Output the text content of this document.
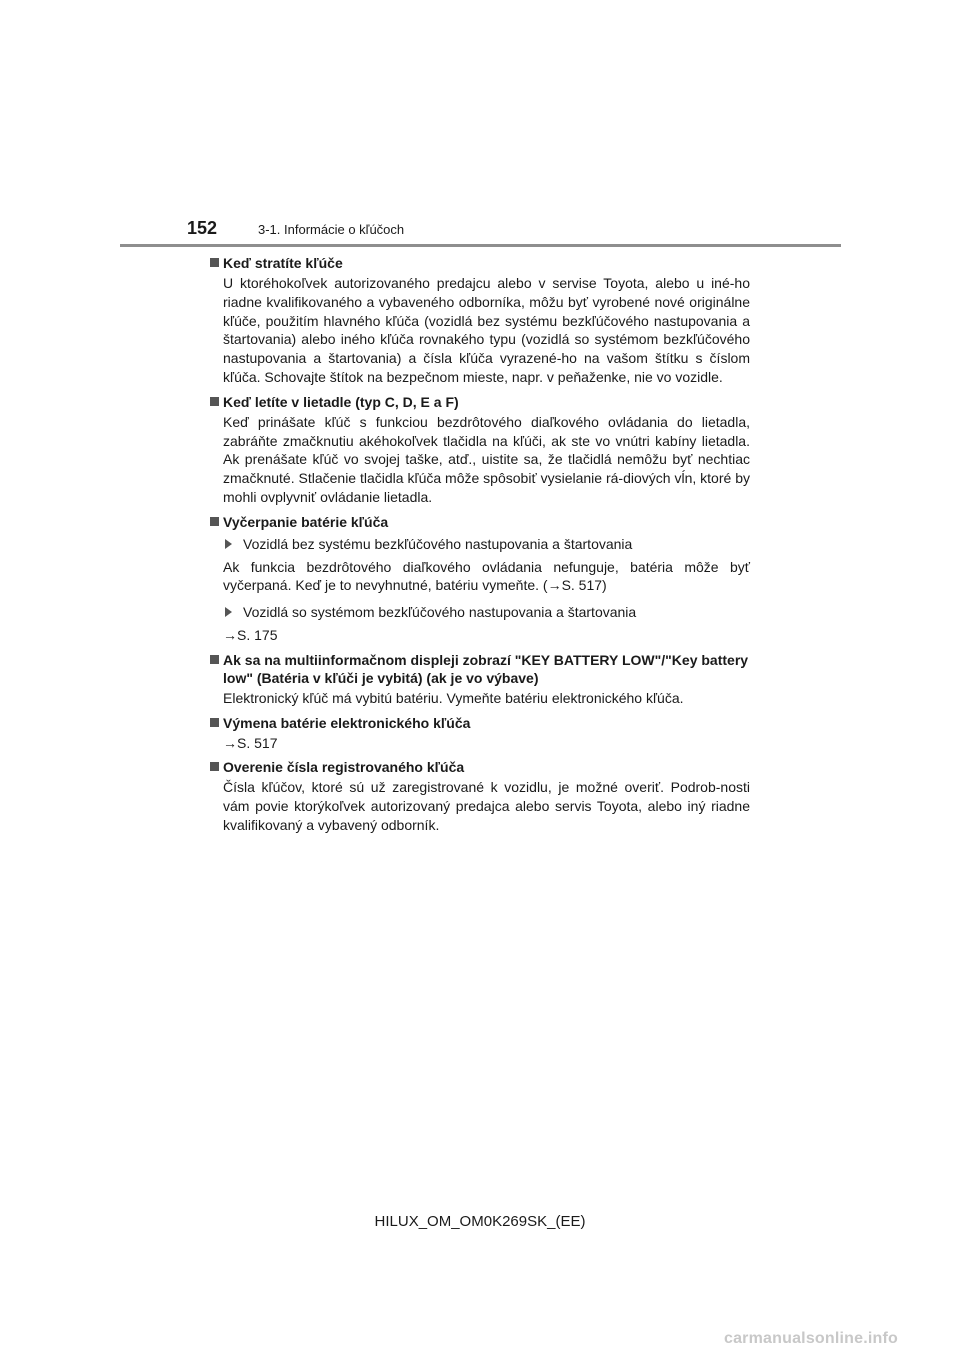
152	3-1. Informácie o kľúčoch
Keď stratíte kľúče
U ktoréhokoľvek autorizovaného predajcu alebo v servise Toyota, alebo u iné-ho riadne kvalifikovaného a vybaveného odborníka, môžu byť vyrobené nové originálne kľúče, použitím hlavného kľúča (vozidlá bez systému bezkľúčového nastupovania a štartovania) alebo iného kľúča rovnakého typu (vozidlá so systémom bezkľúčového nastupovania a štartovania) a čísla kľúča vyrazené-ho na vašom štítku s číslom kľúča. Schovajte štítok na bezpečnom mieste, napr. v peňaženke, nie vo vozidle.
Keď letíte v lietadle (typ C, D, E a F)
Keď prinášate kľúč s funkciou bezdrôtového diaľkového ovládania do lietadla, zabráňte zmačknutiu akéhokoľvek tlačidla na kľúči, ak ste vo vnútri kabíny lietadla. Ak prenášate kľúč vo svojej taške, atď., uistite sa, že tlačidlá nemôžu byť nechtiac zmačknuté. Stlačenie tlačidla kľúča môže spôsobiť vysielanie rá-diových vĺn, ktoré by mohli ovplyvniť ovládanie lietadla.
Vyčerpanie batérie kľúča
Vozidlá bez systému bezkľúčového nastupovania a štartovania
Ak funkcia bezdrôtového diaľkového ovládania nefunguje, batéria môže byť vyčerpaná. Keď je to nevyhnutné, batériu vymeňte. (→S. 517)
Vozidlá so systémom bezkľúčového nastupovania a štartovania
→S. 175
Ak sa na multiinformačnom displeji zobrazí "KEY BATTERY LOW"/"Key battery low" (Batéria v kľúči je vybitá) (ak je vo výbave)
Elektronický kľúč má vybitú batériu. Vymeňte batériu elektronického kľúča.
Výmena batérie elektronického kľúča
→S. 517
Overenie čísla registrovaného kľúča
Čísla kľúčov, ktoré sú už zaregistrované k vozidlu, je možné overiť. Podrob-nosti vám povie ktorýkoľvek autorizovaný predajca alebo servis Toyota, alebo iný riadne kvalifikovaný a vybavený odborník.
HILUX_OM_OM0K269SK_(EE)
carmanualsonline.info
